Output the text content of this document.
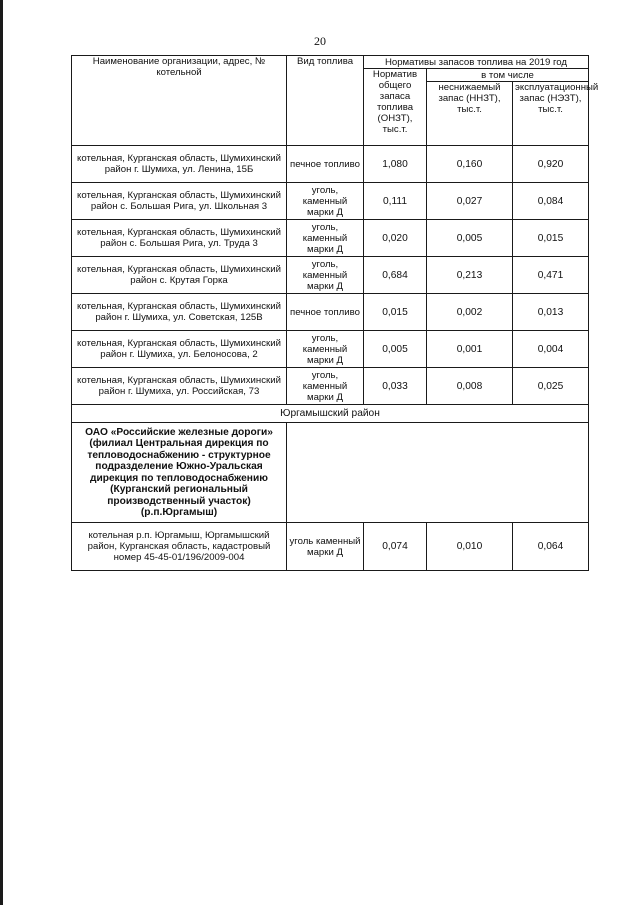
20
Наименование организации, адрес, № котельной	Вид топлива	Нормативы запасов топлива на 2019 год		
		Норматив общего запаса топлива (ОНЗТ), тыс.т.	в том числе	
			неснижаемый запас (ННЗТ), тыс.т.	эксплуатационный запас (НЭЗТ), тыс.т.
котельная, Курганская область, Шумихинский район г. Шумиха, ул. Ленина, 15Б	печное топливо	1,080	0,160	0,920
котельная, Курганская область, Шумихинский район с. Большая Рига, ул. Школьная 3	уголь, каменный марки Д	0,111	0,027	0,084
котельная, Курганская область, Шумихинский район с. Большая Рига, ул. Труда 3	уголь, каменный марки Д	0,020	0,005	0,015
котельная, Курганская область, Шумихинский район с. Крутая Горка	уголь, каменный марки Д	0,684	0,213	0,471
котельная, Курганская область, Шумихинский район г. Шумиха, ул. Советская, 125В	печное топливо	0,015	0,002	0,013
котельная, Курганская область, Шумихинский район г. Шумиха, ул. Белоносова, 2	уголь, каменный марки Д	0,005	0,001	0,004
котельная, Курганская область, Шумихинский район г. Шумиха, ул. Российская, 73	уголь, каменный марки Д	0,033	0,008	0,025
Юргамышский район				
ОАО «Российские железные дороги» (филиал Центральная дирекция по тепловодоснабжению - структурное подразделение Южно-Уральская дирекция по тепловодоснабжению (Курганский региональный производственный участок) (р.п.Юргамыш)				
котельная р.п. Юргамыш, Юргамышский район, Курганская область, кадастровый номер 45-45-01/196/2009-004	уголь каменный марки Д	0,074	0,010	0,064
